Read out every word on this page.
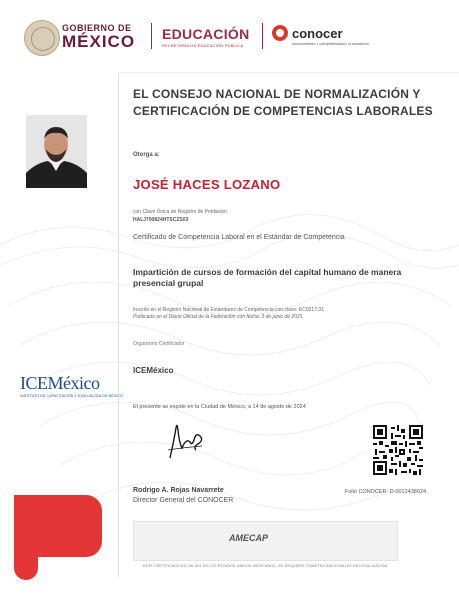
GOBIERNO DE
MÉXICO EDUCACIÓN
SECRETARÍA DE EDUCACIÓN PÚBLICA
conocer
conocimiento • competitividad • crecimiento
EL CONSEJO NACIONAL DE NORMALIZACIÓN Y CERTIFICACIÓN DE COMPETENCIAS LABORALES
Otorga a:
JOSÉ HACES LOZANO
con Clave Única de Registro de Población:
HALJ790824HTSCZS03
Certificado de Competencia Laboral en el Estándar de Competencia
Impartición de cursos de formación del capital humano de manera presencial grupal
Inscrito en el Registro Nacional de Estándares de Competencia con clave: EC0217.01
Publicado en el Diario Oficial de la Federación con fecha: 3 de junio de 2021
Organismo Certificador
ICEMéxico
ICEMéxico
INSTITUTO DE CAPACITACIÓN Y EVALUACIÓN DE MÉXICO
El presente se expide en la Ciudad de México, a 14 de agosto de 2024
Rodrigo A. Rojas Navarrete
Director General del CONOCER
Folio CONOCER: D-0012438024
AMECAP
ESTE CERTIFICADO ES VÁLIDO EN LOS ESTADOS UNIDOS MEXICANOS, NO REQUIERE TRÁMITES ADICIONALES DE LEGALIZACIÓN
